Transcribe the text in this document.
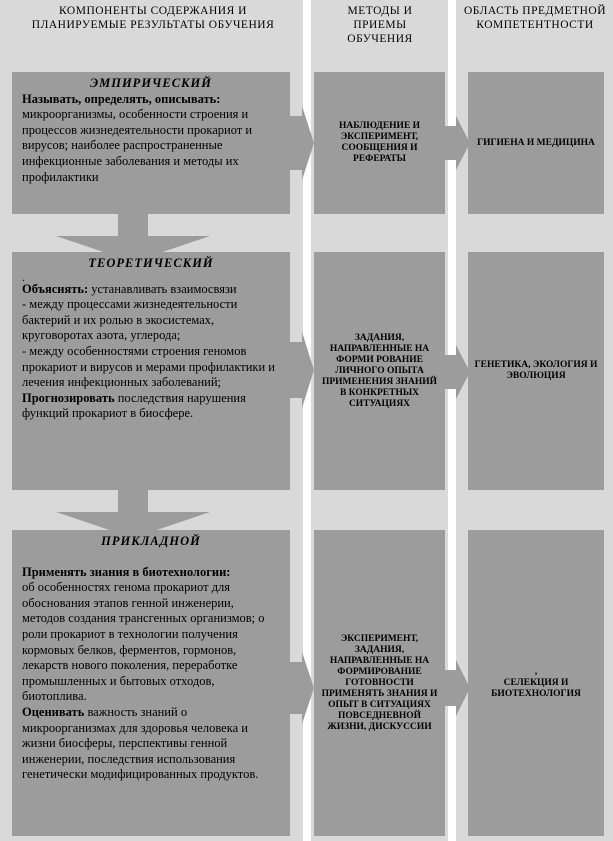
КОМПОНЕНТЫ СОДЕРЖАНИЯ И ПЛАНИРУЕМЫЕ РЕЗУЛЬТАТЫ ОБУЧЕНИЯ
МЕТОДЫ И ПРИЕМЫ ОБУЧЕНИЯ
ОБЛАСТЬ ПРЕДМЕТНОЙ КОМПЕТЕНТНОСТИ
ЭМПИРИЧЕСКИЙ
Называть, определять, описывать:
микроорганизмы, особенности строения и процессов жизнедеятельности прокариот и вирусов; наиболее распространенные инфекционные заболевания и методы их профилактики
НАБЛЮДЕНИЕ И ЭКСПЕРИМЕНТ, СООБЩЕНИЯ И РЕФЕРАТЫ
ГИГИЕНА И МЕДИЦИНА
ТЕОРЕТИЧЕСКИЙ
.
Объяснять: устанавливать взаимосвязи
- между процессами жизнедеятельности бактерий и их ролью в экосистемах, круговоротах азота, углерода;
- между особенностями строения геномов прокариот и вирусов и мерами профилактики и лечения инфекционных заболеваний;
Прогнозировать последствия нарушения функций прокариот в биосфере.
ЗАДАНИЯ, НАПРАВЛЕННЫЕ НА ФОРМИ РОВАНИЕ ЛИЧНОГО ОПЫТА ПРИМЕНЕНИЯ ЗНАНИЙ В КОНКРЕТНЫХ СИТУАЦИЯХ
ГЕНЕТИКА, ЭКОЛОГИЯ И ЭВОЛЮЦИЯ
ПРИКЛАДНОЙ
Применять знания в биотехнологии:
об особенностях генома прокариот для обоснования этапов генной инженерии, методов создания трансгенных организмов; о роли прокариот в технологии получения кормовых белков, ферментов, гормонов, лекарств нового поколения, переработке промышленных и бытовых отходов, биотоплива.
Оценивать важность знаний о микроорганизмах для здоровья человека и жизни биосферы, перспективы генной инженерии, последствия использования генетически модифицированных продуктов.
ЭКСПЕРИМЕНТ, ЗАДАНИЯ, НАПРАВЛЕННЫЕ НА ФОРМИРОВАНИЕ ГОТОВНОСТИ ПРИМЕНЯТЬ ЗНАНИЯ И ОПЫТ В СИТУАЦИЯХ ПОВСЕДНЕВНОЙ ЖИЗНИ, ДИСКУССИИ
,
СЕЛЕКЦИЯ И БИОТЕХНОЛОГИЯ
